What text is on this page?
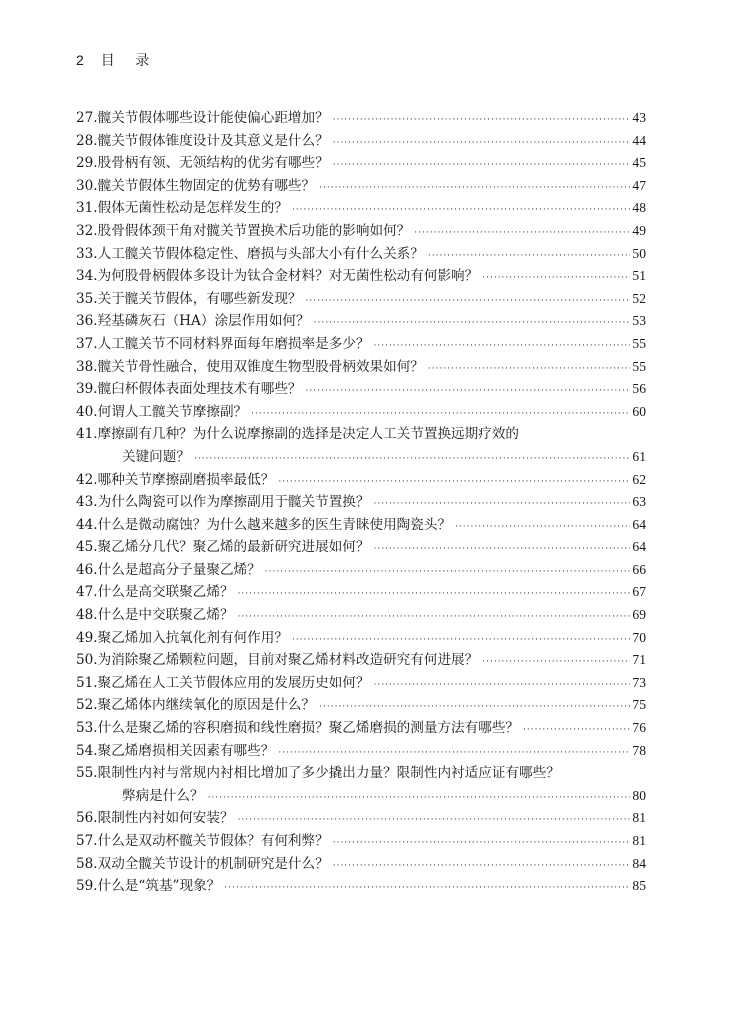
2 目 录
27. 髋关节假体哪些设计能使偏心距增加？ ·····	43
28. 髋关节假体锥度设计及其意义是什么？ ·····	44
29. 股骨柄有领、无领结构的优劣有哪些？ ·····	45
30. 髋关节假体生物固定的优势有哪些？ ·····	47
31. 假体无菌性松动是怎样发生的？ ·····	48
32. 股骨假体颈干角对髋关节置换术后功能的影响如何？ ·····	49
33. 人工髋关节假体稳定性、磨损与头部大小有什么关系？ ·····	50
34. 为何股骨柄假体多设计为钛合金材料？对无菌性松动有何影响？ ·····	51
35. 关于髋关节假体，有哪些新发现？ ·····	52
36. 羟基磷灰石（HA）涂层作用如何？ ·····	53
37. 人工髋关节不同材料界面每年磨损率是多少？ ·····	55
38. 髋关节骨性融合，使用双锥度生物型股骨柄效果如何？ ·····	55
39. 髋臼杯假体表面处理技术有哪些？ ·····	56
40. 何谓人工髋关节摩擦副？ ·····	60
41. 摩擦副有几种？为什么说摩擦副的选择是决定人工关节置换远期疗效的
关键问题？ ·····	61
42. 哪种关节摩擦副磨损率最低？ ·····	62
43. 为什么陶瓷可以作为摩擦副用于髋关节置换？ ·····	63
44. 什么是微动腐蚀？为什么越来越多的医生青睐使用陶瓷头？ ·····	64
45. 聚乙烯分几代？聚乙烯的最新研究进展如何？ ·····	64
46. 什么是超高分子量聚乙烯？ ·····	66
47. 什么是高交联聚乙烯？ ·····	67
48. 什么是中交联聚乙烯？ ·····	69
49. 聚乙烯加入抗氧化剂有何作用？ ·····	70
50. 为消除聚乙烯颗粒问题，目前对聚乙烯材料改造研究有何进展？ ·····	71
51. 聚乙烯在人工关节假体应用的发展历史如何？ ·····	73
52. 聚乙烯体内继续氧化的原因是什么？ ·····	75
53. 什么是聚乙烯的容积磨损和线性磨损？聚乙烯磨损的测量方法有哪些？ ·····	76
54. 聚乙烯磨损相关因素有哪些？ ·····	78
55. 限制性内衬与常规内衬相比增加了多少撬出力量？限制性内衬适应证有哪些？
弊病是什么？ ·····	80
56. 限制性内衬如何安装？ ·····	81
57. 什么是双动杯髋关节假体？有何利弊？ ·····	81
58. 双动全髋关节设计的机制研究是什么？ ·····	84
59. 什么是“筑基”现象？ ·····	85
